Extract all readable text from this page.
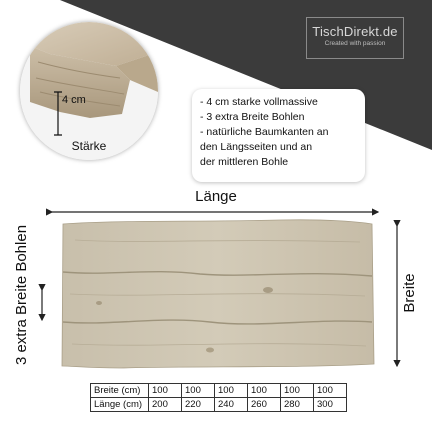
TischDirekt.de
Created with passion
Stärke
4 cm	- 4 cm starke vollmassive
- 3 extra Breite Bohlen
- natürliche Baumkanten an
den Längsseiten und an
der mittleren Bohle
Länge
Breite
3 extra Breite Bohlen
Breite (cm)	100	100	100	100	100	100
Länge (cm)	200	220	240	260	280	300
